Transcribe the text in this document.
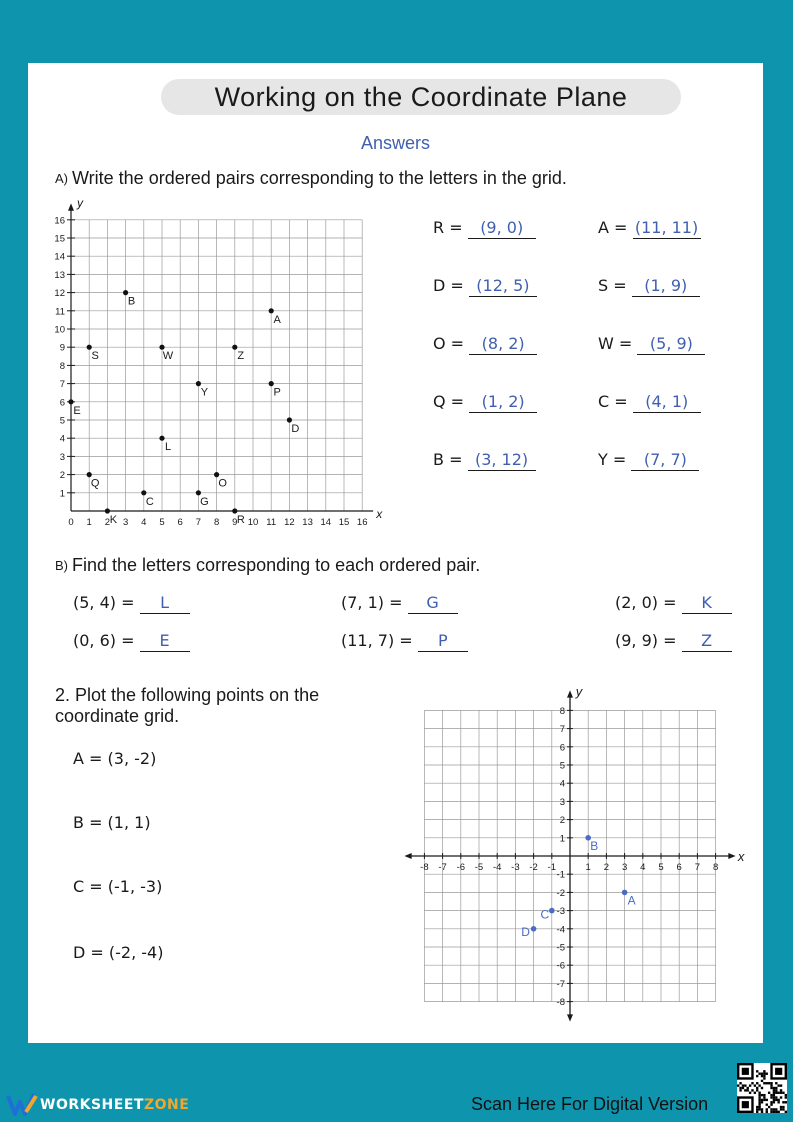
Working on the Coordinate Plane
Answers
A) Write the ordered pairs corresponding to the letters in the grid.
y
x
0 1 2 3 4 5 6 7 8 9 10 11 12 13 14 15 16
1
2
3
4
5
6
7
8
9
10
11
12
13
14
15
16
A
B
C
D
E
G
K
L
O
P
Q
R
S	W
Y
Z
R = (9, 0)	A = (11, 11)
D = (12, 5)	S = (1, 9)
O = (8, 2)	W = (5, 9)
Q = (1, 2)	C = (4, 1)
B = (3, 12)	Y = (7, 7)
B) Find the letters corresponding to each ordered pair.
(5, 4) = L	(7, 1) = G	(2, 0) = K
(0, 6) = E	(11, 7) = P	(9, 9) = Z
2. Plot the following points on the
coordinate grid.
A = (3, -2)
B = (1, 1)
C = (-1, -3)
D = (-2, -4)
y
x
-8 -7 -6 -5 -4 -3 -2 -1	1 2 3 4 5 6 7 8
8
7
6
5
4
3
2
1
-1
-2
-3
-4
-5
-6
-7
-8
A
B
C
D
WORKSHEETZONE	Scan Here For Digital Version
